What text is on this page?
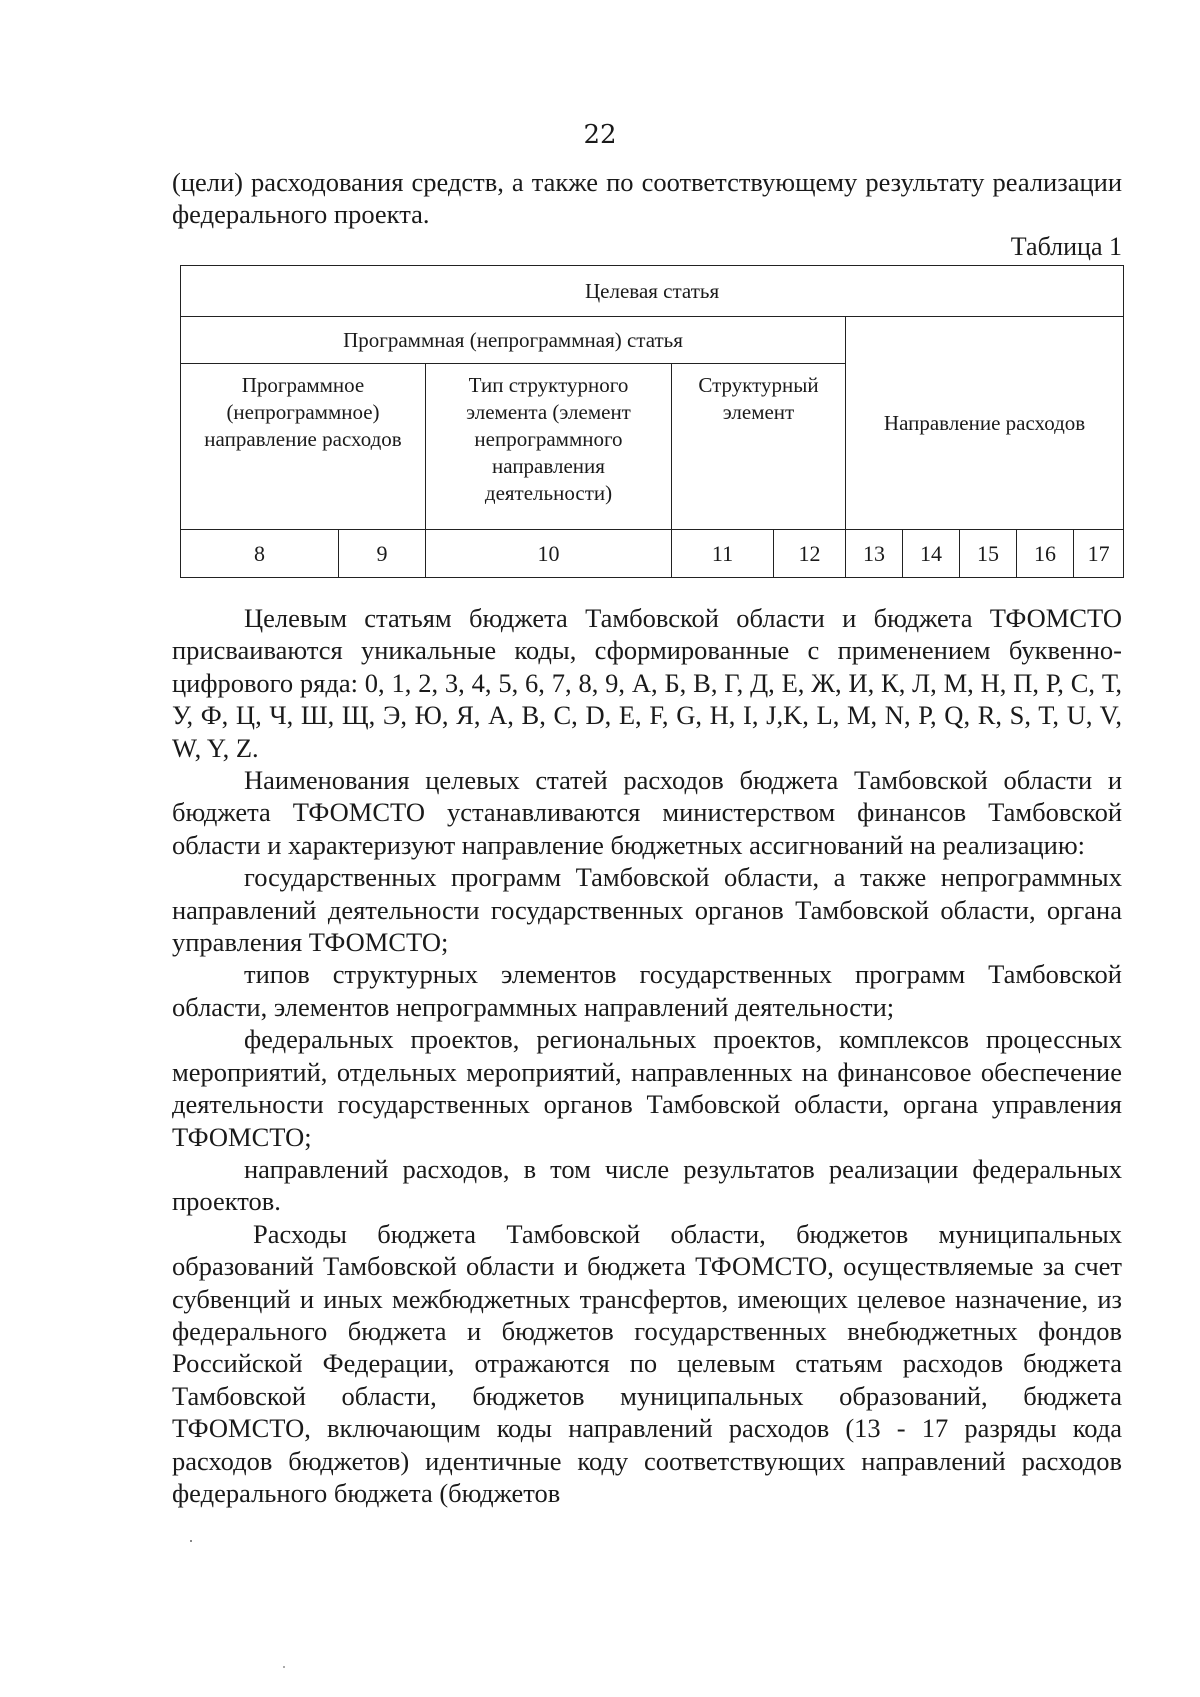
22

(цели) расходования средств, а также по соответствующему результату реализации федерального проекта.

Таблица 1
Целевая статья									
Программная (непрограммная) статья					Направление расходов				
Программное (непрограммное) направление расходов		Тип структурного элемента (элемент непрограммного направления деятельности)	Структурный элемент						
8	9	10	11	12	13	14	15	16	17

Целевым статьям бюджета Тамбовской области и бюджета ТФОМСТО присваиваются уникальные коды, сформированные с применением буквенно-цифрового ряда: 0, 1, 2, 3, 4, 5, 6, 7, 8, 9, А, Б, В, Г, Д, Е, Ж, И, К, Л, М, Н, П, Р, С, Т, У, Ф, Ц, Ч, Ш, Щ, Э, Ю, Я, A, B, C, D, E, F, G, H, I, J,K, L, M, N, P, Q, R, S, T, U, V, W, Y, Z.

Наименования целевых статей расходов бюджета Тамбовской области и бюджета ТФОМСТО устанавливаются министерством финансов Тамбовской области и характеризуют направление бюджетных ассигнований на реализацию:

государственных программ Тамбовской области, а также непрограммных направлений деятельности государственных органов Тамбовской области, органа управления ТФОМСТО;

типов структурных элементов государственных программ Тамбовской области, элементов непрограммных направлений деятельности;

федеральных проектов, региональных проектов, комплексов процессных мероприятий, отдельных мероприятий, направленных на финансовое обеспечение деятельности государственных органов Тамбовской области, органа управления ТФОМСТО;

направлений расходов, в том числе результатов реализации федеральных проектов.

Расходы бюджета Тамбовской области, бюджетов муниципальных образований Тамбовской области и бюджета ТФОМСТО, осуществляемые за счет субвенций и иных межбюджетных трансфертов, имеющих целевое назначение, из федерального бюджета и бюджетов государственных внебюджетных фондов Российской Федерации, отражаются по целевым статьям расходов бюджета Тамбовской области, бюджетов муниципальных образований, бюджета ТФОМСТО, включающим коды направлений расходов (13 - 17 разряды кода расходов бюджетов) идентичные коду соответствующих направлений расходов федерального бюджета (бюджетов
